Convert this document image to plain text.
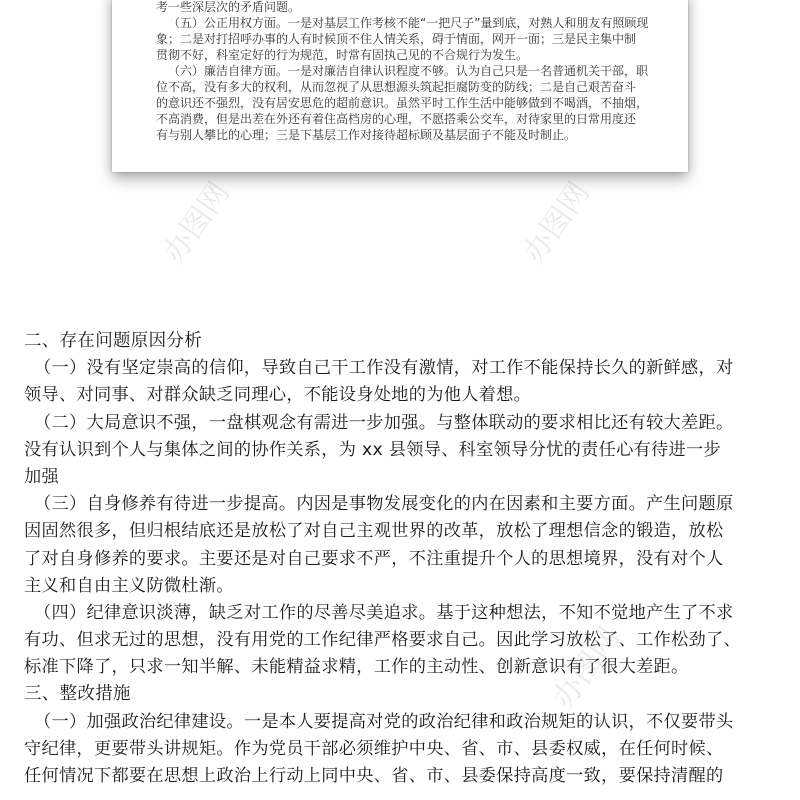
办图网	办图网
办图网
考一些深层次的矛盾问题。
（五）公正用权方面。一是对基层工作考核不能“一把尺子”量到底，对熟人和朋友有照顾现
象；二是对打招呼办事的人有时候顶不住人情关系，碍于情面，网开一面；三是民主集中制
贯彻不好，科室定好的行为规范，时常有固执己见的不合规行为发生。
（六）廉洁自律方面。一是对廉洁自律认识程度不够。认为自己只是一名普通机关干部，职
位不高，没有多大的权利，从而忽视了从思想源头筑起拒腐防变的防线；二是自己艰苦奋斗
的意识还不强烈，没有居安思危的超前意识。虽然平时工作生活中能够做到不喝酒，不抽烟，
不高消费，但是出差在外还有着住高档房的心理，不愿搭乘公交车，对待家里的日常用度还
有与别人攀比的心理；三是下基层工作对接待超标顾及基层面子不能及时制止。
二、存在问题原因分析
（一）没有坚定崇高的信仰，导致自己干工作没有激情，对工作不能保持长久的新鲜感，对
领导、对同事、对群众缺乏同理心，不能设身处地的为他人着想。
（二）大局意识不强，一盘棋观念有需进一步加强。与整体联动的要求相比还有较大差距。
没有认识到个人与集体之间的协作关系，为 xx 县领导、科室领导分忧的责任心有待进一步
加强
（三）自身修养有待进一步提高。内因是事物发展变化的内在因素和主要方面。产生问题原
因固然很多，但归根结底还是放松了对自己主观世界的改革，放松了理想信念的锻造，放松
了对自身修养的要求。主要还是对自己要求不严，不注重提升个人的思想境界，没有对个人
主义和自由主义防微杜渐。
（四）纪律意识淡薄，缺乏对工作的尽善尽美追求。基于这种想法，不知不觉地产生了不求
有功、但求无过的思想，没有用党的工作纪律严格要求自己。因此学习放松了、工作松劲了、
标准下降了，只求一知半解、未能精益求精，工作的主动性、创新意识有了很大差距。
三、整改措施
（一）加强政治纪律建设。一是本人要提高对党的政治纪律和政治规矩的认识，不仅要带头
守纪律，更要带头讲规矩。作为党员干部必须维护中央、省、市、县委权威，在任何时候、
任何情况下都要在思想上政治上行动上同中央、省、市、县委保持高度一致，要保持清醒的
